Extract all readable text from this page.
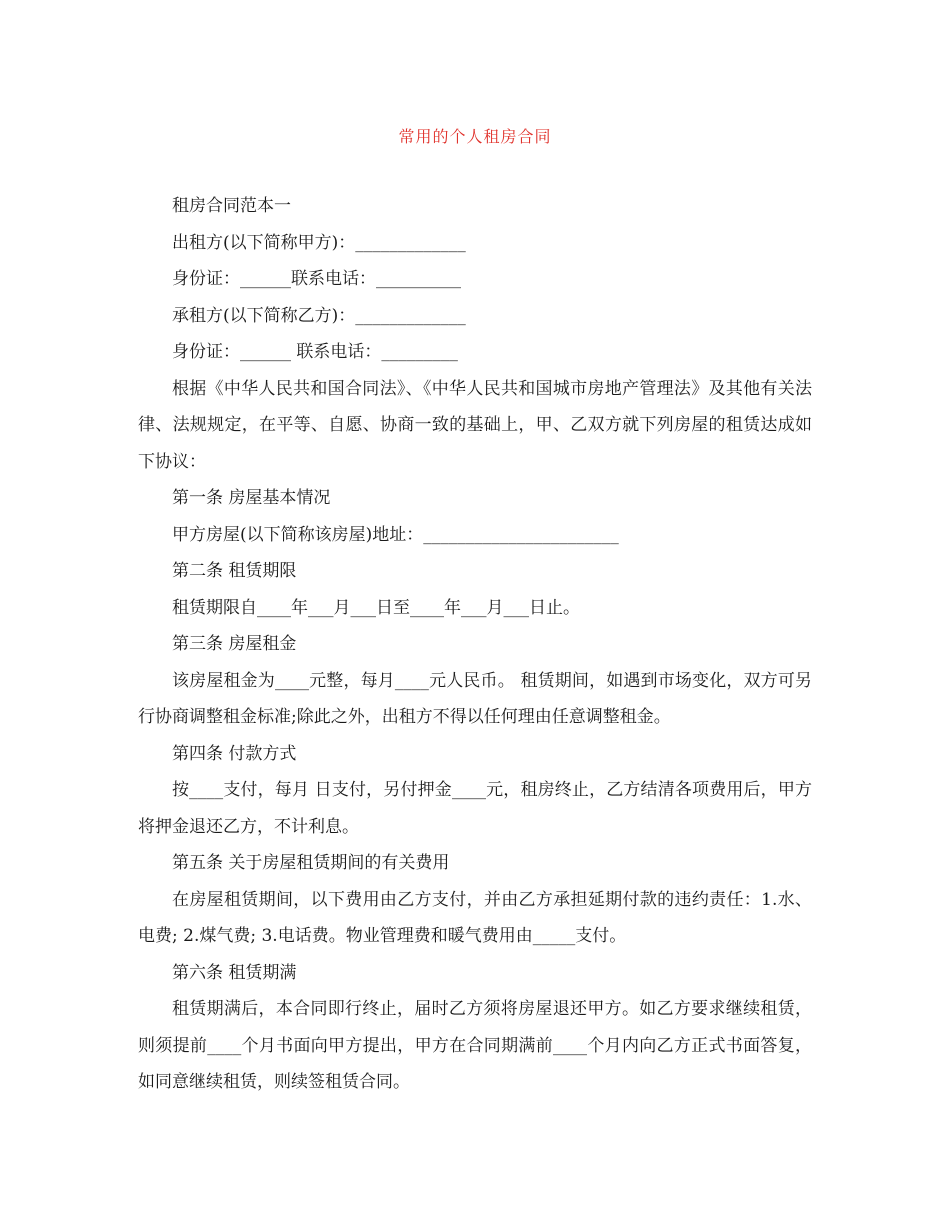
常用的个人租房合同

租房合同范本一

出租方(以下简称甲方)：_____________

身份证：______联系电话：__________

承租方(以下简称乙方)：_____________

身份证：______ 联系电话：_________

根据《中华人民共和国合同法》、《中华人民共和国城市房地产管理法》及其他有关法律、法规规定，在平等、自愿、协商一致的基础上，甲、乙双方就下列房屋的租赁达成如下协议：

第一条 房屋基本情况

甲方房屋(以下简称该房屋)地址：_______________________

第二条 租赁期限

租赁期限自____年___月___日至____年___月___日止。

第三条 房屋租金

该房屋租金为____元整，每月____元人民币。 租赁期间，如遇到市场变化，双方可另行协商调整租金标准;除此之外，出租方不得以任何理由任意调整租金。

第四条 付款方式

按____支付，每月 日支付，另付押金____元，租房终止，乙方结清各项费用后，甲方将押金退还乙方，不计利息。

第五条 关于房屋租赁期间的有关费用

在房屋租赁期间，以下费用由乙方支付，并由乙方承担延期付款的违约责任：1.水、电费; 2.煤气费; 3.电话费。物业管理费和暖气费用由_____支付。

第六条 租赁期满

租赁期满后，本合同即行终止，届时乙方须将房屋退还甲方。如乙方要求继续租赁，则须提前____个月书面向甲方提出，甲方在合同期满前____个月内向乙方正式书面答复，如同意继续租赁，则续签租赁合同。
